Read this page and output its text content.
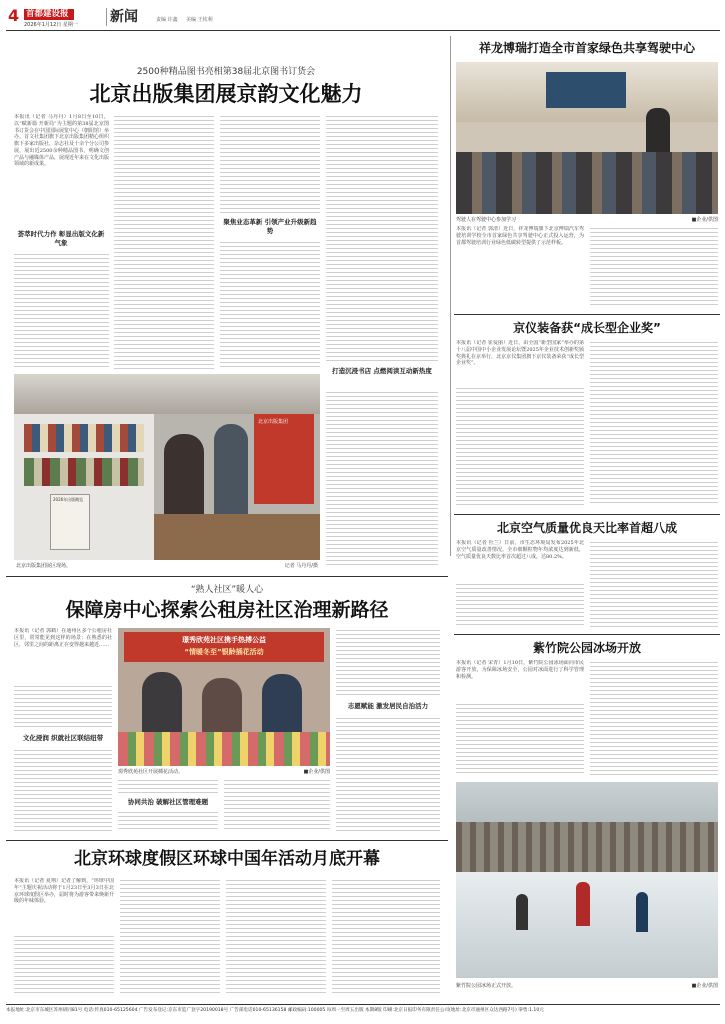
4 首都建设报
2026年1月12日 星期一	新闻	责编 许鑫	美编 王钦利
2500种精品图书亮相第38届北京图书订货会
北京出版集团展京韵文化魅力
本报讯（记者 马丹丹）1月8日至10日，以“赋新篇 开新局”为主题的第38届北京图书订货会在中国国际展览中心（朝阳馆）举办。首文社集团旗下北京出版集团精心组织旗下多家出版社，杂志社及十余个分公司参展，展出近2500余种精品图书，明确文创产品与融媒体产品，展现近年来在文化出版领域的新成果。
荟萃时代力作 彰显出版文化新气象
聚焦业态革新 引领产业升级新趋势
打造沉浸书店 点燃阅读互动新热度
2026年出版概览
北京出版集团
北京出版集团展区现场。	记者 马丹丹/摄
祥龙博瑞打造全市首家绿色共享驾驶中心
驾驶人在驾驶中心参加学习	■企业/供图
本报讯（记者 郭清）近日，祥龙博瑞旗下北京博瑞汽车驾驶培训学校全市首家绿色共享驾驶中心正式投入运营，为首都驾驶培训行业绿色低碳转型提供了示范样板。
京仪装备获“成长型企业奖”
本报讯（记者 崔爱丽）近日，由全国“新型国家”举办的第十八届中国中小企业发展论坛暨2025年企业技术创新奖颁奖典礼在京举行，北京京仪集团旗下京仪装备荣获“成长型企业奖”。
北京空气质量优良天比率首超八成
本报讯（记者 杜兰）日前，市生态环境局发布2025年北京空气质量改善情况。全市细颗粒物年均浓度达到新低，空气质量优良天数比率首次超过八成，达80.2%。
紫竹院公园冰场开放
本报讯（记者 宋青）1月10日，紫竹院公园冰场面向市民游客开放，为保障冰场安全，公园对冰面进行了科学管理和检测。
紫竹院公园冰场正式开放。	■企业/供图
“熟人社区”暖人心
保障房中心探索公租房社区治理新路径
本报讯（记者 郭鹤）在通州区多个公租房社区里，常常能见到这样的场景：在熟悉的社区，邻里之间的距离正在变得越来越近……
文化浸润 织就社区联结纽带
璟秀欣苑社区携手热搏公益
“情暖冬至”银龄插花活动
璟秀欣苑社区开展插花活动。	■企业/供图
协同共治 破解社区管理难题
志愿赋能 激发居民自治活力
北京环球度假区环球中国年活动月底开幕
本报讯（记者 夏翔）记者了解到，“环球中国年”主题庆祝活动将于1月23日至3月3日在北京环球度假区举办，届时将为游客带来焕新升级的年味体验。
本报地址:北京市东城区苏州胡同81号 电话:传真010-65125604 广告发布登记:京东市监广登字20190018号 广告部电话010-65136158 邮政编码:100005 每周一至周五出版 本期8版 印刷:北京日报印务有限责任公司(地址:北京市通州区众达西路7号) 零售:1.10元
